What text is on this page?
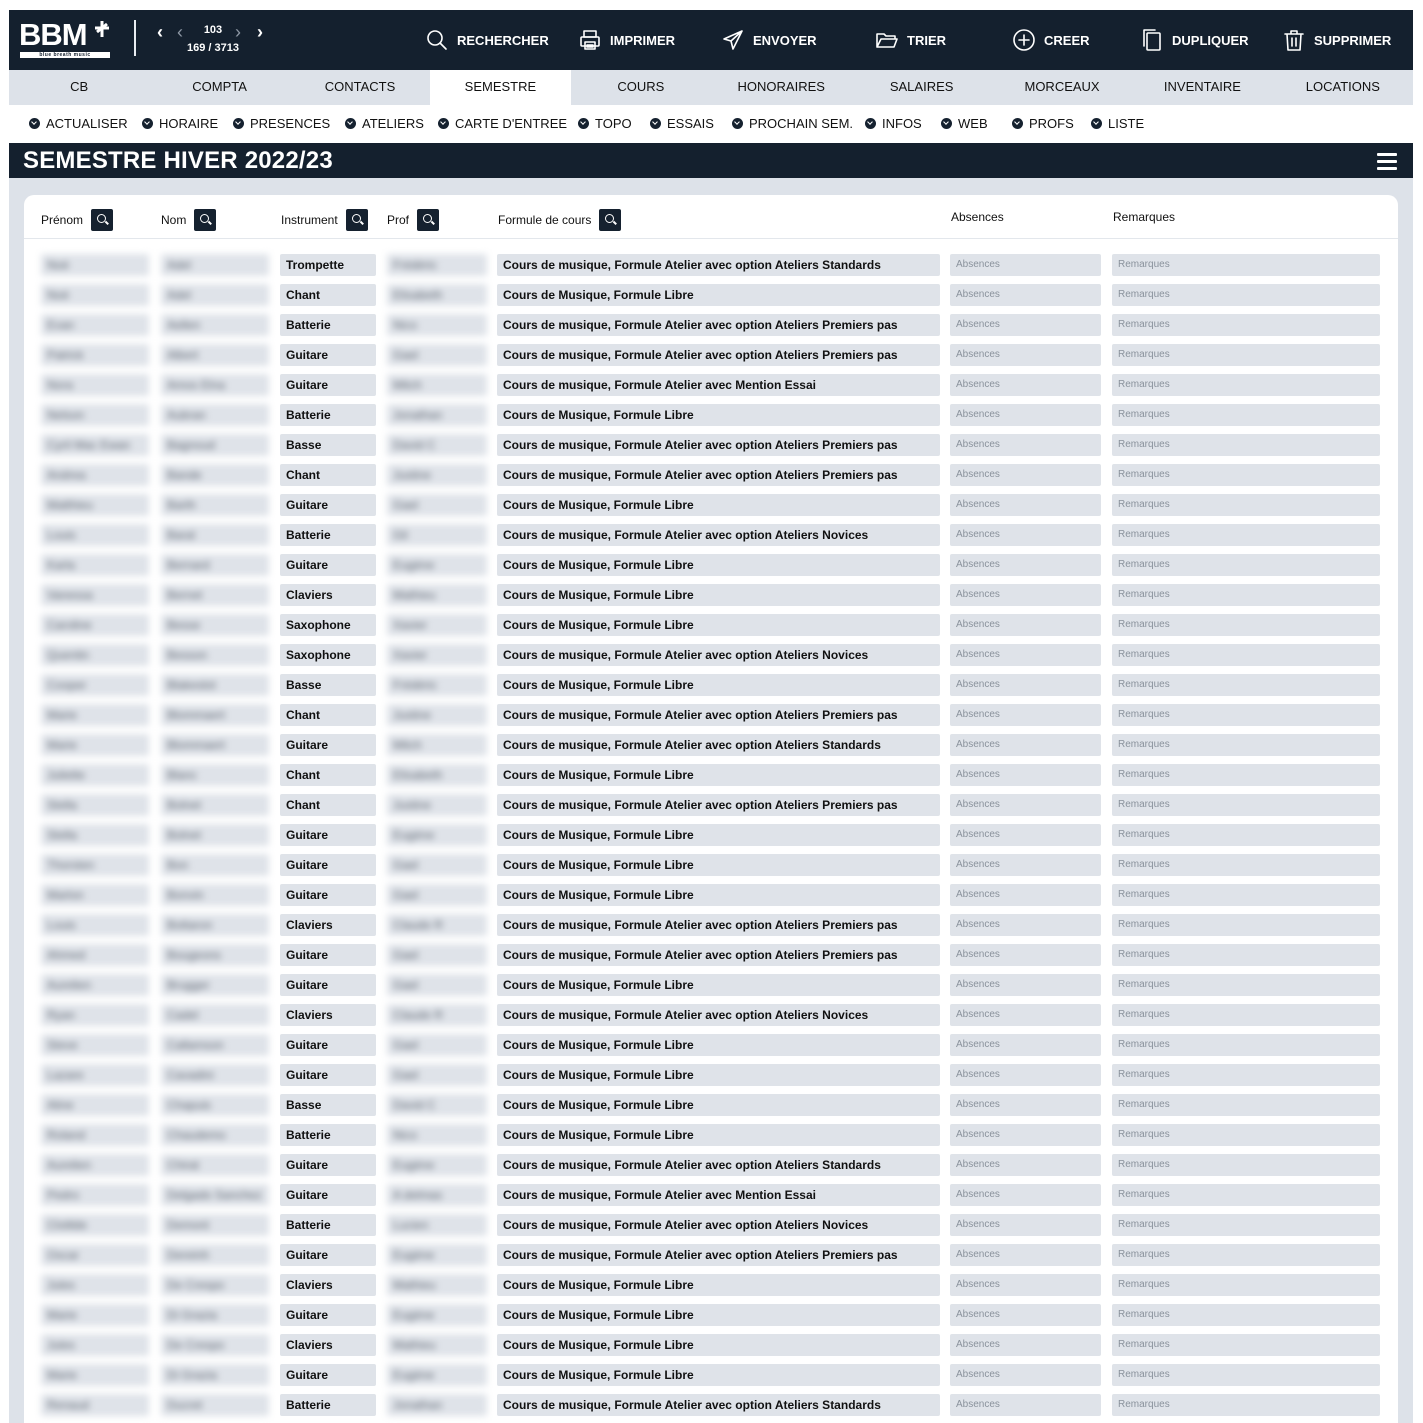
BBM
blue breath music
‹ ‹	103 › ›
169 / 3713
RECHERCHER	IMPRIMER	ENVOYER	TRIER	CREER	DUPLIQUER	SUPPRIMER
CB	COMPTA	CONTACTS	SEMESTRE	COURS	HONORAIRES	SALAIRES	MORCEAUX	INVENTAIRE	LOCATIONS
ACTUALISER HORAIRE PRESENCES ATELIERS CARTE D'ENTREE TOPO	ESSAIS	PROCHAIN SEM. INFOS	WEB	PROFS	LISTE
SEMESTRE HIVER 2022/23
Prénom	Nom	Instrument	Prof	Formule de cours	Absences	Remarques
Noé	Adel	Trompette	Frédéric	Cours de musique, Formule Atelier avec option Ateliers Standards	Absences	Remarques
Noé	Adel	Chant	Elisabeth	Cours de Musique, Formule Libre	Absences	Remarques
Evan	Aellen	Batterie	Nico	Cours de musique, Formule Atelier avec option Ateliers Premiers pas	Absences	Remarques
Patrick	Albert	Guitare	Gael	Cours de musique, Formule Atelier avec option Ateliers Premiers pas	Absences	Remarques
Nora	Amos Elna	Guitare	Mitch	Cours de musique, Formule Atelier avec Mention Essai	Absences	Remarques
Nelson	Aubran	Batterie	Jonathan	Cours de Musique, Formule Libre	Absences	Remarques
Cyril Mac Ewan	Bagnoud	Basse	David C	Cours de musique, Formule Atelier avec option Ateliers Premiers pas	Absences	Remarques
Andrea	Bande	Chant	Justine	Cours de musique, Formule Atelier avec option Ateliers Premiers pas	Absences	Remarques
Matthieu	Barth	Guitare	Gael	Cours de Musique, Formule Libre	Absences	Remarques
Louis	Baral	Batterie	Gil	Cours de musique, Formule Atelier avec option Ateliers Novices	Absences	Remarques
Karla	Bernard	Guitare	Eugène	Cours de Musique, Formule Libre	Absences	Remarques
Vanessa	Bernet	Claviers	Mathieu	Cours de Musique, Formule Libre	Absences	Remarques
Caroline	Besse	Saxophone	Xavier	Cours de Musique, Formule Libre	Absences	Remarques
Quentin	Besson	Saxophone	Xavier	Cours de musique, Formule Atelier avec option Ateliers Novices	Absences	Remarques
Cooper	Blakeslot	Basse	Frédéric	Cours de Musique, Formule Libre	Absences	Remarques
Marie	Blommaert	Chant	Justine	Cours de musique, Formule Atelier avec option Ateliers Premiers pas	Absences	Remarques
Marie	Blommaert	Guitare	Mitch	Cours de musique, Formule Atelier avec option Ateliers Standards	Absences	Remarques
Juliette	Blanc	Chant	Elisabeth	Cours de Musique, Formule Libre	Absences	Remarques
Stella	Bolnet	Chant	Justine	Cours de musique, Formule Atelier avec option Ateliers Premiers pas	Absences	Remarques
Stella	Bolnet	Guitare	Eugène	Cours de Musique, Formule Libre	Absences	Remarques
Thorsten	Bon	Guitare	Gael	Cours de Musique, Formule Libre	Absences	Remarques
Marlon	Bonvin	Guitare	Gael	Cours de Musique, Formule Libre	Absences	Remarques
Louis	Bottaron	Claviers	Claude R	Cours de musique, Formule Atelier avec option Ateliers Premiers pas	Absences	Remarques
Ahmed	Bougeons	Guitare	Gael	Cours de musique, Formule Atelier avec option Ateliers Premiers pas	Absences	Remarques
Aurelien	Brugger	Guitare	Gael	Cours de Musique, Formule Libre	Absences	Remarques
Ryan	Cadel	Claviers	Claude R	Cours de musique, Formule Atelier avec option Ateliers Novices	Absences	Remarques
Steve	Callamson	Guitare	Gael	Cours de Musique, Formule Libre	Absences	Remarques
Lazare	Cavadini	Guitare	Gael	Cours de Musique, Formule Libre	Absences	Remarques
Aline	Chapuis	Basse	David C	Cours de Musique, Formule Libre	Absences	Remarques
Roland	Chaudemo	Batterie	Nico	Cours de Musique, Formule Libre	Absences	Remarques
Aurelien	Chirat	Guitare	Eugène	Cours de musique, Formule Atelier avec option Ateliers Standards	Absences	Remarques
Pedro	Delgado Sanchez	Guitare	A delmas	Cours de musique, Formule Atelier avec Mention Essai	Absences	Remarques
Clotilde	Demont	Batterie	Lucien	Cours de musique, Formule Atelier avec option Ateliers Novices	Absences	Remarques
Oscar	Dereinh	Guitare	Eugène	Cours de musique, Formule Atelier avec option Ateliers Premiers pas	Absences	Remarques
Jules	De Crespo	Claviers	Mathieu	Cours de Musique, Formule Libre	Absences	Remarques
Marie	Di Grazia	Guitare	Eugène	Cours de Musique, Formule Libre	Absences	Remarques
Jules	De Crespo	Claviers	Mathieu	Cours de Musique, Formule Libre	Absences	Remarques
Marie	Di Grazia	Guitare	Eugène	Cours de Musique, Formule Libre	Absences	Remarques
Renaud	Ducret	Batterie	Jonathan	Cours de musique, Formule Atelier avec option Ateliers Standards	Absences	Remarques
